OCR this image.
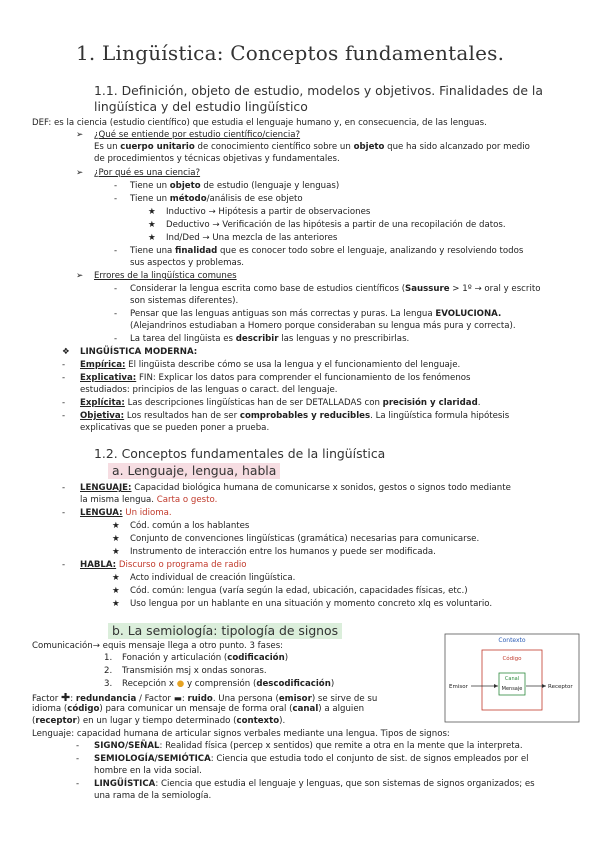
1. Lingüística: Conceptos fundamentales.
1.1. Definición, objeto de estudio, modelos y objetivos. Finalidades de la
lingüística y del estudio lingüístico
DEF: es la ciencia (estudio científico) que estudia el lenguaje humano y, en consecuencia, de las lenguas.
➢ ¿Qué se entiende por estudio científico/ciencia?
Es un cuerpo unitario de conocimiento científico sobre un objeto que ha sido alcanzado por medio
de procedimientos y técnicas objetivas y fundamentales.
➢ ¿Por qué es una ciencia?
- Tiene un objeto de estudio (lenguaje y lenguas)
- Tiene un método/análisis de ese objeto
★ Inductivo → Hipótesis a partir de observaciones
★ Deductivo → Verificación de las hipótesis a partir de una recopilación de datos.
★ Ind/Ded → Una mezcla de las anteriores
- Tiene una finalidad que es conocer todo sobre el lenguaje, analizando y resolviendo todos
sus aspectos y problemas.
➢ Errores de la lingüística comunes
- Considerar la lengua escrita como base de estudios científicos (Saussure > 1º → oral y escrito
son sistemas diferentes).
- Pensar que las lenguas antiguas son más correctas y puras. La lengua EVOLUCIONA.
(Alejandrinos estudiaban a Homero porque consideraban su lengua más pura y correcta).
- La tarea del lingüista es describir las lenguas y no prescribirlas.
❖ LINGÜÍSTICA MODERNA:
- Empírica: El lingüista describe cómo se usa la lengua y el funcionamiento del lenguaje.
- Explicativa: FIN: Explicar los datos para comprender el funcionamiento de los fenómenos
estudiados: principios de las lenguas o caract. del lenguaje.
- Explícita: Las descripciones lingüísticas han de ser DETALLADAS con precisión y claridad.
- Objetiva: Los resultados han de ser comprobables y reducibles. La lingüística formula hipótesis
explicativas que se pueden poner a prueba.
1.2. Conceptos fundamentales de la lingüística
a. Lenguaje, lengua, habla
- LENGUAJE: Capacidad biológica humana de comunicarse x sonidos, gestos o signos todo mediante
la misma lengua. Carta o gesto.
- LENGUA: Un idioma.
★ Cód. común a los hablantes
★ Conjunto de convenciones lingüísticas (gramática) necesarias para comunicarse.
★ Instrumento de interacción entre los humanos y puede ser modificada.
- HABLA: Discurso o programa de radio
★ Acto individual de creación lingüística.
★ Cód. común: lengua (varía según la edad, ubicación, capacidades físicas, etc.)
★ Uso lengua por un hablante en una situación y momento concreto xlq es voluntario.
b. La semiología: tipología de signos
Comunicación→ equis mensaje llega a otro punto. 3 fases:
1. Fonación y articulación (codificación)
2. Transmisión msj x ondas sonoras.
3. Recepción x ● y comprensión (descodificación)
Factor ✚: redundancia / Factor ▬: ruido. Una persona (emisor) se sirve de su
idioma (código) para comunicar un mensaje de forma oral (canal) a alguien
(receptor) en un lugar y tiempo determinado (contexto).
Lenguaje: capacidad humana de articular signos verbales mediante una lengua. Tipos de signos:
- SIGNO/SEÑAL: Realidad física (percep x sentidos) que remite a otra en la mente que la interpreta.
- SEMIOLOGÍA/SEMIÓTICA: Ciencia que estudia todo el conjunto de sist. de signos empleados por el
hombre en la vida social.
- LINGÜÍSTICA: Ciencia que estudia el lenguaje y lenguas, que son sistemas de signos organizados; es
una rama de la semiología.
Contexto
Código
Canal
Mensaje
Emisor	Receptor
